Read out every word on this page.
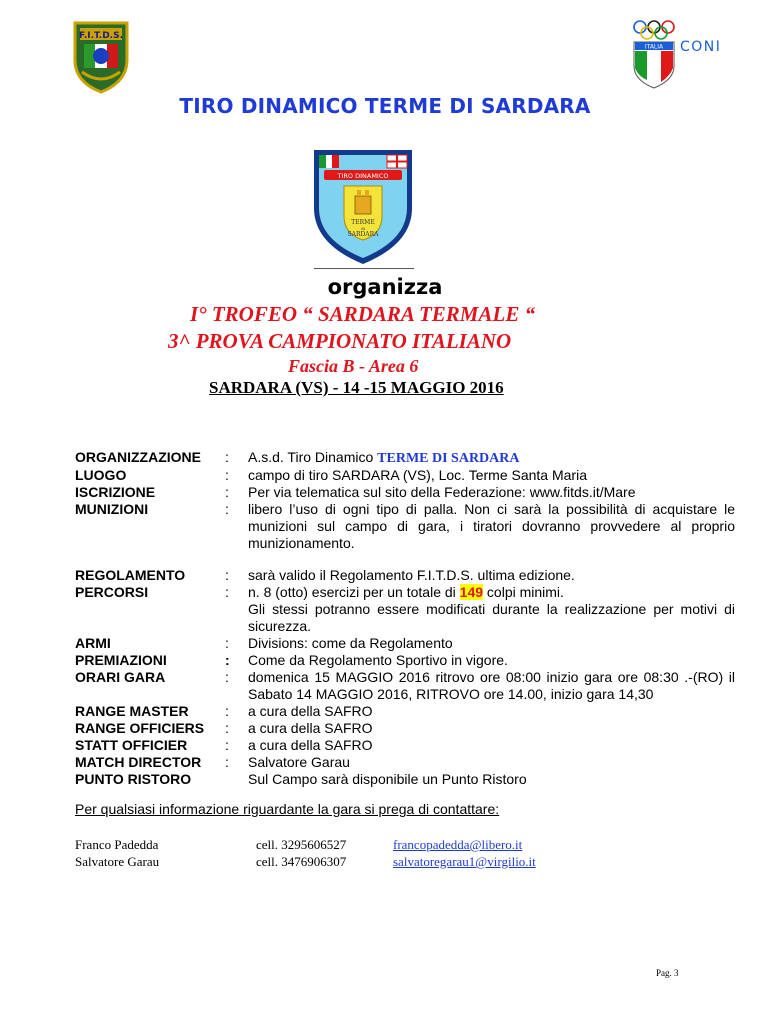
F.I.T.D.S.
ITALIA CONI
TIRO DINAMICO TERME DI SARDARA
TIRO DINAMICO
TERME
di
SARDARA
organizza
I° TROFEO “ SARDARA TERMALE “
3^ PROVA CAMPIONATO ITALIANO
Fascia B - Area 6
SARDARA (VS) - 14 -15 MAGGIO 2016
ORGANIZZAZIONE	:	A.s.d. Tiro Dinamico TERME DI SARDARA
LUOGO	:	campo di tiro SARDARA (VS), Loc. Terme Santa Maria
ISCRIZIONE	:	Per via telematica sul sito della Federazione: www.fitds.it/Mare
MUNIZIONI	:	libero l’uso di ogni tipo di palla. Non ci sarà la possibilità di acquistare le munizioni sul campo di gara, i tiratori dovranno provvedere al proprio munizionamento.
REGOLAMENTO	:	sarà valido il Regolamento F.I.T.D.S. ultima edizione.
PERCORSI	:	n. 8 (otto) esercizi per un totale di 149 colpi minimi.
Gli stessi potranno essere modificati durante la realizzazione per motivi di sicurezza.
ARMI	:	Divisions: come da Regolamento
PREMIAZIONI	:	Come da Regolamento Sportivo in vigore.
ORARI GARA	:	domenica 15 MAGGIO 2016 ritrovo ore 08:00 inizio gara ore 08:30 .-(RO) il Sabato 14 MAGGIO 2016, RITROVO ore 14.00, inizio gara 14,30
RANGE MASTER	:	a cura della SAFRO
RANGE OFFICIERS	:	a cura della SAFRO
STATT OFFICIER	:	a cura della SAFRO
MATCH DIRECTOR	:	Salvatore Garau
PUNTO RISTORO	Sul Campo sarà disponibile un Punto Ristoro
Per qualsiasi informazione riguardante la gara si prega di contattare:
Franco Padedda	cell. 3295606527	francopadedda@libero.it
Salvatore Garau	cell. 3476906307	salvatoregarau1@virgilio.it
Pag. 3
